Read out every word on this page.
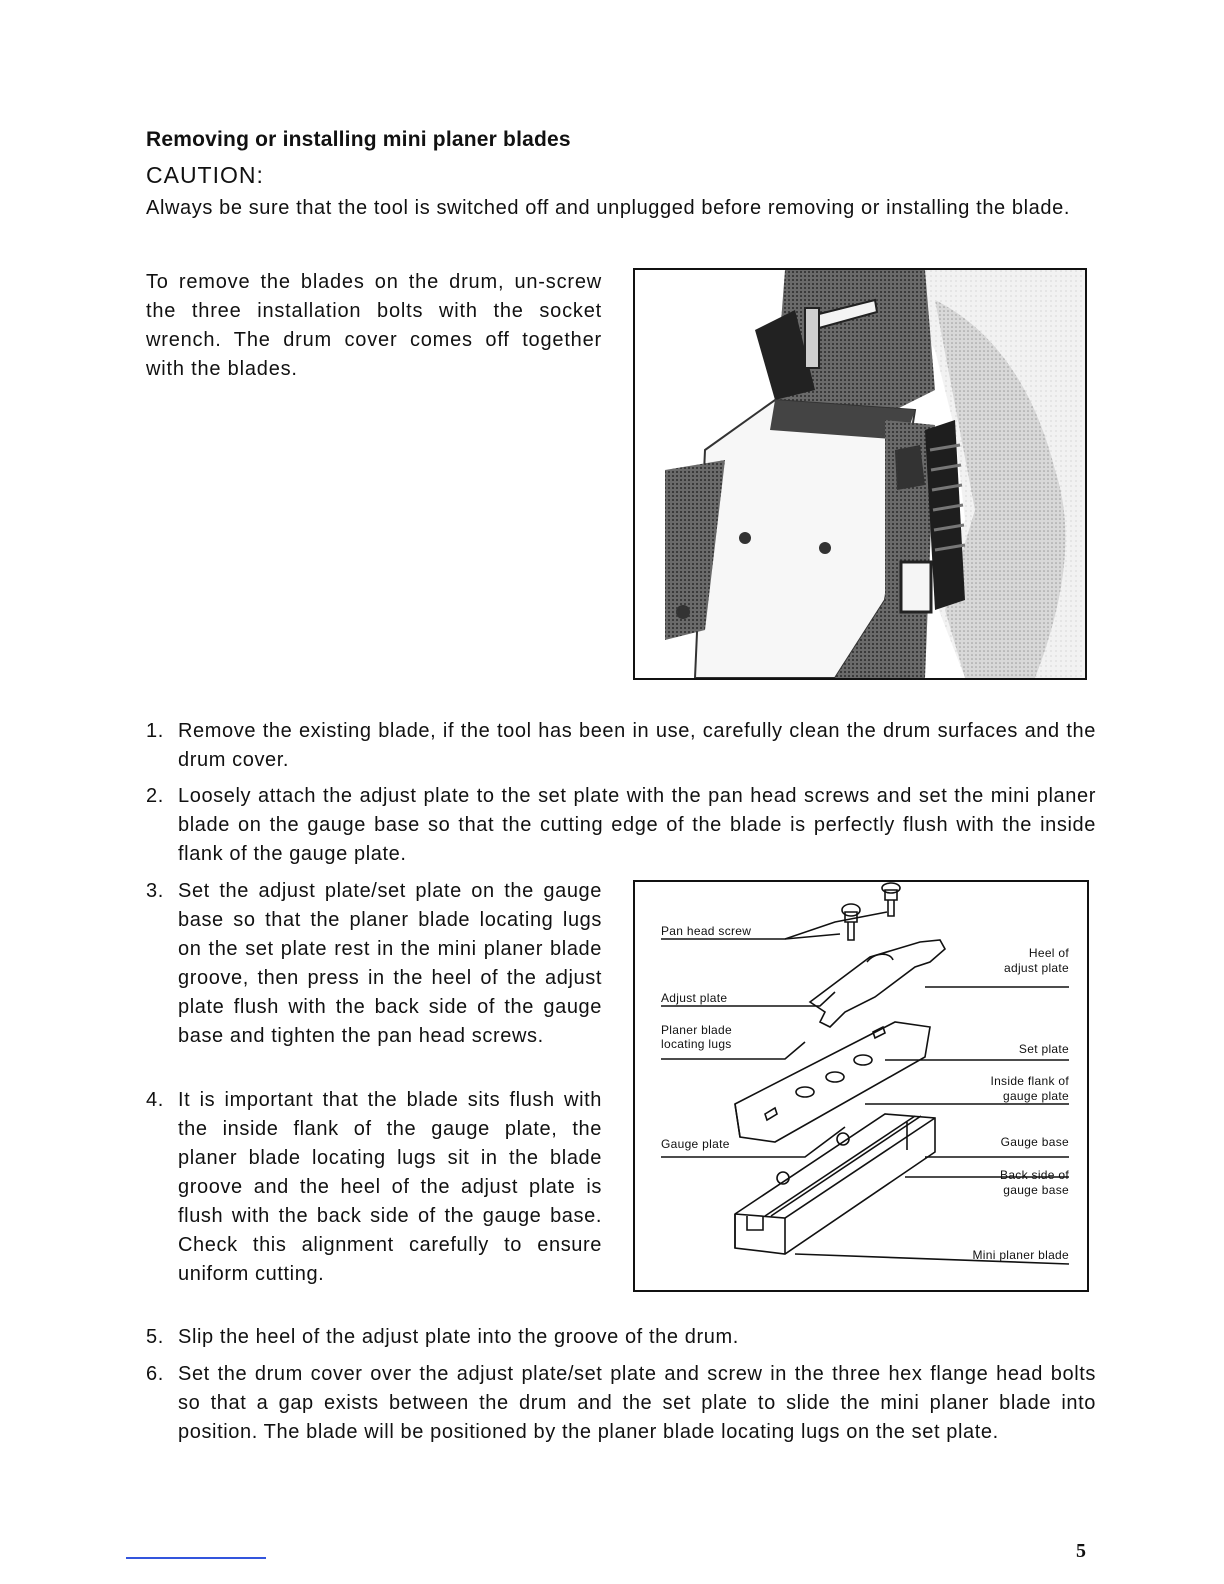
Removing or installing mini planer blades
CAUTION:

Always be sure that the tool is switched off and unplugged before removing or installing the blade.

To remove the blades on the drum, un-screw the three installation bolts with the socket wrench. The drum cover comes off together with the blades.

1. Remove the existing blade, if the tool has been in use, carefully clean the drum surfaces and the drum cover.
2. Loosely attach the adjust plate to the set plate with the pan head screws and set the mini planer blade on the gauge base so that the cutting edge of the blade is perfectly flush with the inside flank of the gauge plate.
3. Set the adjust plate/set plate on the gauge base so that the planer blade locating lugs on the set plate rest in the mini planer blade groove, then press in the heel of the adjust plate flush with the back side of the gauge base and tighten the pan head screws.
4. It is important that the blade sits flush with the inside flank of the gauge plate, the planer blade locating lugs sit in the blade groove and the heel of the adjust plate is flush with the back side of the gauge base. Check this alignment carefully to ensure uniform cutting.
5. Slip the heel of the adjust plate into the groove of the drum.
6. Set the drum cover over the adjust plate/set plate and screw in the three hex flange head bolts so that a gap exists between the drum and the set plate to slide the mini planer blade into position. The blade will be positioned by the planer blade locating lugs on the set plate.
Pan head screw
Adjust plate
Planer blade
locating lugs
Gauge plate
Heel of
adjust plate
Set plate
Inside flank of
gauge plate
Gauge base
Back side of
gauge base
Mini planer blade
5
